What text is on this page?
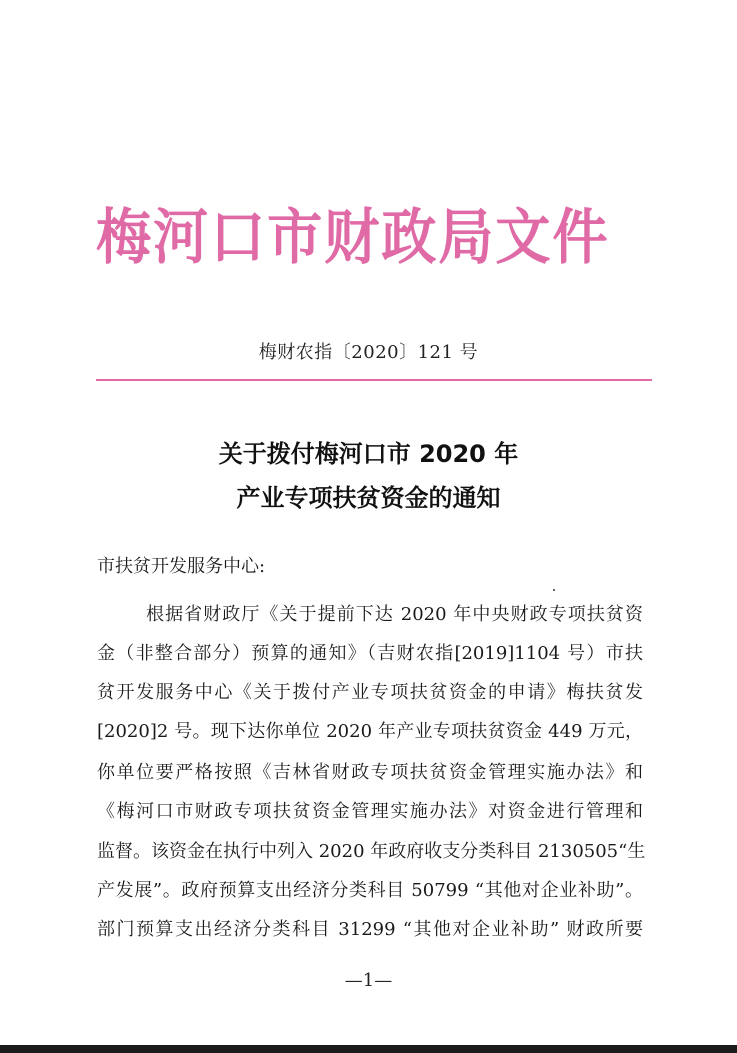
梅河口市财政局文件
梅财农指〔2020〕121 号
关于拨付梅河口市 2020 年
产业专项扶贫资金的通知
市扶贫开发服务中心:
根据省财政厅《关于提前下达 2020 年中央财政专项扶贫资
金（非整合部分）预算的通知》（吉财农指[2019]1104 号）市扶
贫开发服务中心《关于拨付产业专项扶贫资金的申请》梅扶贫发
[2020]2 号。现下达你单位 2020 年产业专项扶贫资金 449 万元，
你单位要严格按照《吉林省财政专项扶贫资金管理实施办法》和
《梅河口市财政专项扶贫资金管理实施办法》对资金进行管理和
监督。该资金在执行中列入 2020 年政府收支分类科目 2130505“生
产发展”。政府预算支出经济分类科目 50799 “其他对企业补助”。
部门预算支出经济分类科目 31299 “其他对企业补助” 财政所要
—1—
